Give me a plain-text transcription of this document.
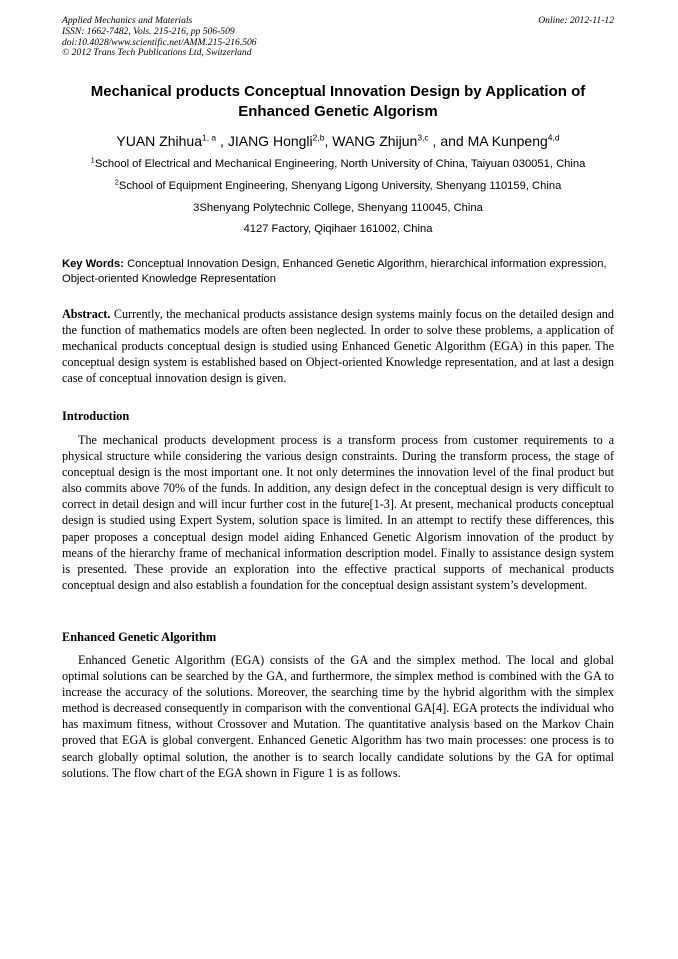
Applied Mechanics and Materials
ISSN: 1662-7482, Vols. 215-216, pp 506-509
doi:10.4028/www.scientific.net/AMM.215-216.506
© 2012 Trans Tech Publications Ltd, Switzerland
Online: 2012-11-12
Mechanical products Conceptual Innovation Design by Application of
Enhanced Genetic Algorism
YUAN Zhihua$^{1, a}$ , JIANG Hongli$^{2,b}$, WANG Zhijun$^{3,c}$ , and MA Kunpeng$^{4,d}$
$^1$School of Electrical and Mechanical Engineering, North University of China, Taiyuan 030051, China
$^2$School of Equipment Engineering, Shenyang Ligong University, Shenyang 110159, China
3Shenyang Polytechnic College, Shenyang 110045, China
4127 Factory, Qiqihaer 161002, China
Key Words: Conceptual Innovation Design, Enhanced Genetic Algorithm, hierarchical information expression, Object-oriented Knowledge Representation
Abstract. Currently, the mechanical products assistance design systems mainly focus on the detailed design and the function of mathematics models are often been neglected. In order to solve these problems, a application of mechanical products conceptual design is studied using Enhanced Genetic Algorithm (EGA) in this paper. The conceptual design system is established based on Object-oriented Knowledge representation, and at last a design case of conceptual innovation design is given.
Introduction
The mechanical products development process is a transform process from customer requirements to a physical structure while considering the various design constraints. During the transform process, the stage of conceptual design is the most important one. It not only determines the innovation level of the final product but also commits above 70% of the funds. In addition, any design defect in the conceptual design is very difficult to correct in detail design and will incur further cost in the future[1-3]. At present, mechanical products conceptual design is studied using Expert System, solution space is limited. In an attempt to rectify these differences, this paper proposes a conceptual design model aiding Enhanced Genetic Algorism innovation of the product by means of the hierarchy frame of mechanical information description model. Finally to assistance design system is presented. These provide an exploration into the effective practical supports of mechanical products conceptual design and also establish a foundation for the conceptual design assistant system’s development.
Enhanced Genetic Algorithm
Enhanced Genetic Algorithm (EGA) consists of the GA and the simplex method. The local and global optimal solutions can be searched by the GA, and furthermore, the simplex method is combined with the GA to increase the accuracy of the solutions. Moreover, the searching time by the hybrid algorithm with the simplex method is decreased consequently in comparison with the conventional GA[4]. EGA protects the individual who has maximum fitness, without Crossover and Mutation. The quantitative analysis based on the Markov Chain proved that EGA is global convergent. Enhanced Genetic Algorithm has two main processes: one process is to search globally optimal solution, the another is to search locally candidate solutions by the GA for optimal solutions. The flow chart of the EGA shown in Figure 1 is as follows.
